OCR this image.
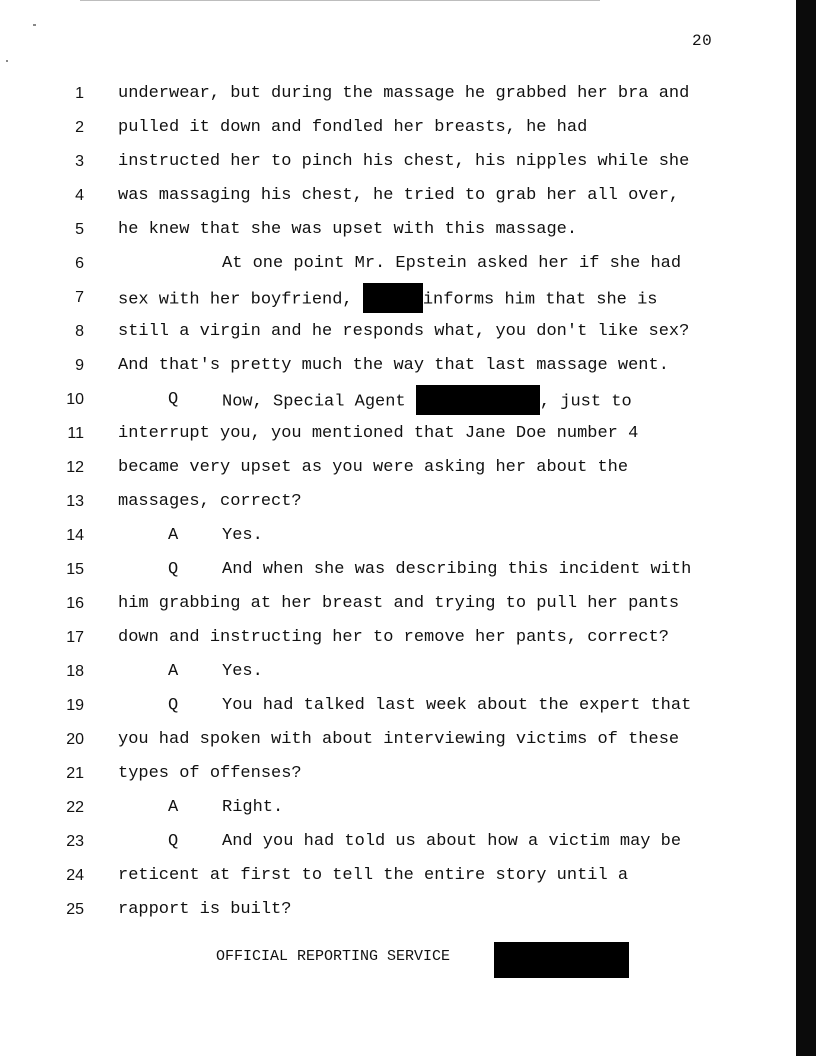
20
1 underwear, but during the massage he grabbed her bra and
2 pulled it down and fondled her breasts, he had
3 instructed her to pinch his chest, his nipples while she
4 was massaging his chest, he tried to grab her all over,
5 he knew that she was upset with this massage.
6	At one point Mr. Epstein asked her if she had
7 sex with her boyfriend,	informs him that she is
8 still a virgin and he responds what, you don't like sex?
9 And that's pretty much the way that last massage went.
10	Q	Now, Special Agent	, just to
11 interrupt you, you mentioned that Jane Doe number 4
12 became very upset as you were asking her about the
13 massages, correct?
14	A	Yes.
15	Q	And when she was describing this incident with
16 him grabbing at her breast and trying to pull her pants
17 down and instructing her to remove her pants, correct?
18	A	Yes.
19	Q	You had talked last week about the expert that
20 you had spoken with about interviewing victims of these
21 types of offenses?
22	A	Right.
23	Q	And you had told us about how a victim may be
24 reticent at first to tell the entire story until a
25 rapport is built?
OFFICIAL REPORTING SERVICE
